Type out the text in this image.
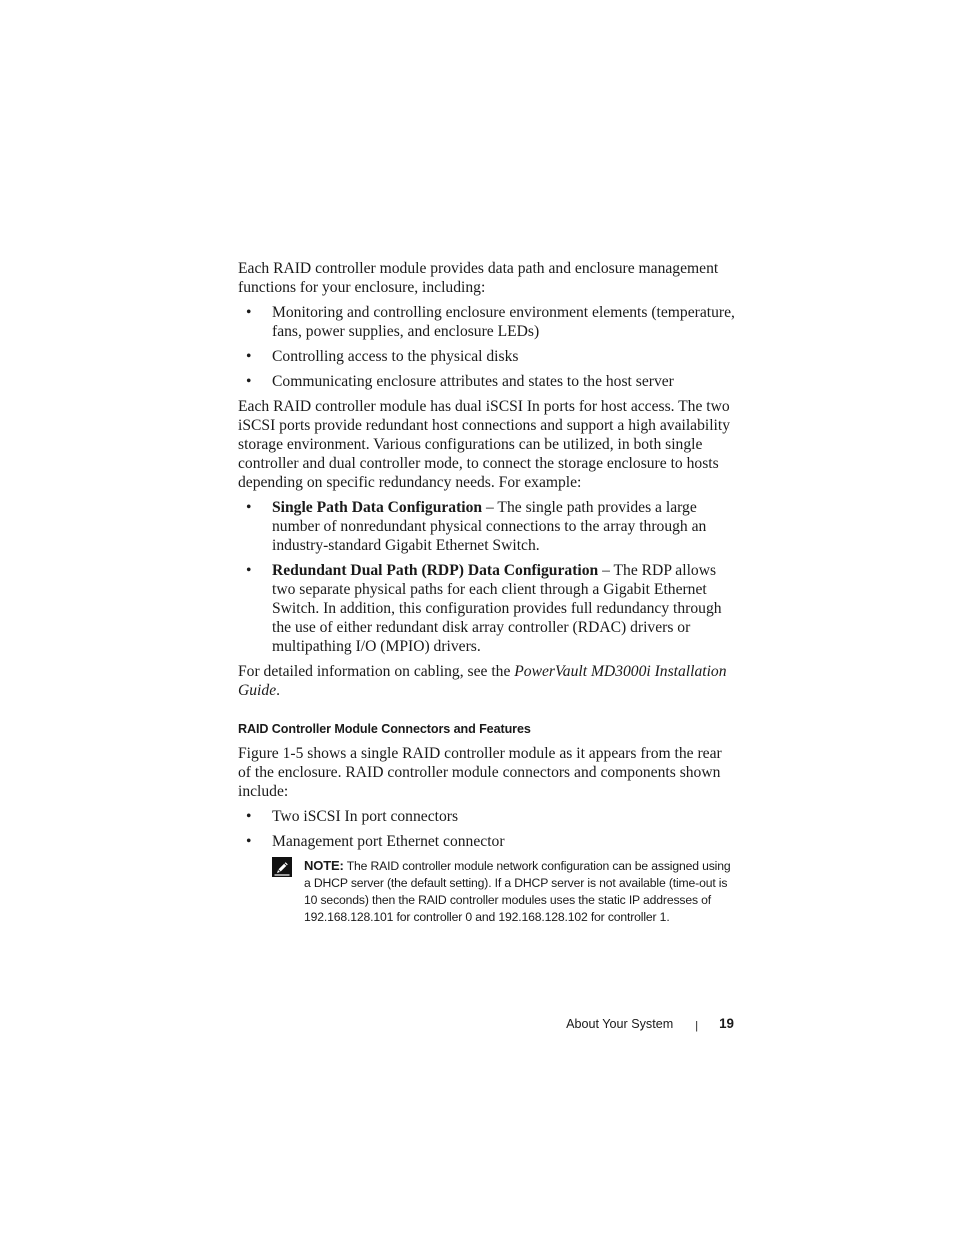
Each RAID controller module provides data path and enclosure management functions for your enclosure, including:

• Monitoring and controlling enclosure environment elements (temperature, fans, power supplies, and enclosure LEDs)
• Controlling access to the physical disks
• Communicating enclosure attributes and states to the host server

Each RAID controller module has dual iSCSI In ports for host access. The two iSCSI ports provide redundant host connections and support a high availability storage environment. Various configurations can be utilized, in both single controller and dual controller mode, to connect the storage enclosure to hosts depending on specific redundancy needs. For example:

• Single Path Data Configuration – The single path provides a large number of nonredundant physical connections to the array through an industry-standard Gigabit Ethernet Switch.
• Redundant Dual Path (RDP) Data Configuration – The RDP allows two separate physical paths for each client through a Gigabit Ethernet Switch. In addition, this configuration provides full redundancy through the use of either redundant disk array controller (RDAC) drivers or multipathing I/O (MPIO) drivers.

For detailed information on cabling, see the PowerVault MD3000i Installation Guide.

RAID Controller Module Connectors and Features

Figure 1-5 shows a single RAID controller module as it appears from the rear of the enclosure. RAID controller module connectors and components shown include:

• Two iSCSI In port connectors
• Management port Ethernet connector
NOTE: The RAID controller module network configuration can be assigned using a DHCP server (the default setting). If a DHCP server is not available (time-out is 10 seconds) then the RAID controller modules uses the static IP addresses of 192.168.128.101 for controller 0 and 192.168.128.102 for controller 1.
About Your System | 19
